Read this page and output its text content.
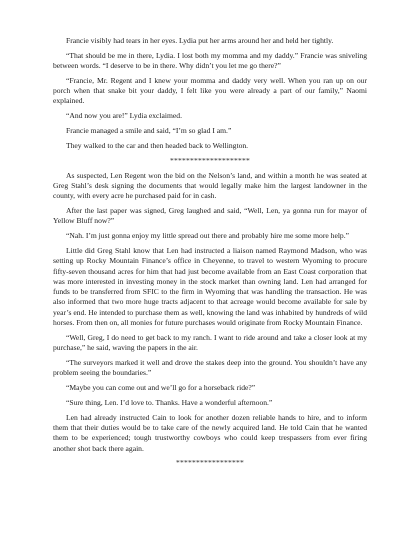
Francie visibly had tears in her eyes. Lydia put her arms around her and held her tightly.

“That should be me in there, Lydia. I lost both my momma and my daddy.” Francie was sniveling between words. “I deserve to be in there. Why didn’t you let me go there?”

“Francie, Mr. Regent and I knew your momma and daddy very well. When you ran up on our porch when that snake bit your daddy, I felt like you were already a part of our family,” Naomi explained.

“And now you are!” Lydia exclaimed.

Francie managed a smile and said, “I’m so glad I am.”

They walked to the car and then headed back to Wellington.

********************

As suspected, Len Regent won the bid on the Nelson’s land, and within a month he was seated at Greg Stahl’s desk signing the documents that would legally make him the largest landowner in the county, with every acre he purchased paid for in cash.

After the last paper was signed, Greg laughed and said, “Well, Len, ya gonna run for mayor of Yellow Bluff now?”

“Nah. I’m just gonna enjoy my little spread out there and probably hire me some more help.”

Little did Greg Stahl know that Len had instructed a liaison named Raymond Madson, who was setting up Rocky Mountain Finance’s office in Cheyenne, to travel to western Wyoming to procure fifty-seven thousand acres for him that had just become available from an East Coast corporation that was more interested in investing money in the stock market than owning land. Len had arranged for funds to be transferred from SFIC to the firm in Wyoming that was handling the transaction. He was also informed that two more huge tracts adjacent to that acreage would become available for sale by year’s end. He intended to purchase them as well, knowing the land was inhabited by hundreds of wild horses. From then on, all monies for future purchases would originate from Rocky Mountain Finance.

“Well, Greg, I do need to get back to my ranch. I want to ride around and take a closer look at my purchase,” he said, waving the papers in the air.

“The surveyors marked it well and drove the stakes deep into the ground. You shouldn’t have any problem seeing the boundaries.”

“Maybe you can come out and we’ll go for a horseback ride?”

“Sure thing, Len. I’d love to. Thanks. Have a wonderful afternoon.”

Len had already instructed Cain to look for another dozen reliable hands to hire, and to inform them that their duties would be to take care of the newly acquired land. He told Cain that he wanted them to be experienced; tough trustworthy cowboys who could keep trespassers from ever firing another shot back there again.

*****************
